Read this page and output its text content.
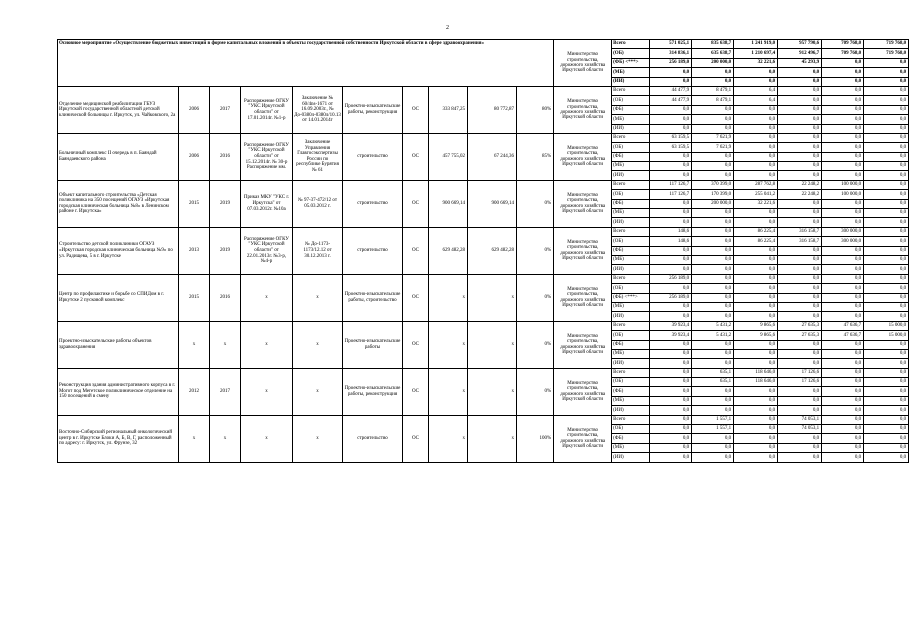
2
Основное мероприятие «Осуществление бюджетных инвестиций в форме капитальных вложений в объекты государственной собственности Иркутской области в сфере здравоохранения»										Министерство строительства, дорожного хозяйства Иркутской области	Всего	571 025,1	835 638,7	1 241 919,0	957 790,6	709 768,0	719 768,0
											(ОБ)	314 836,1	635 638,7	1 210 697,4	912 496,7	709 768,0	719 768,0
											(ФБ) <***>	256 189,0	200 000,0	32 221,6	45 293,9	0,0	0,0
											(МБ)	0,0	0,0	0,0	0,0	0,0	0,0
											(ИИ)	0,0	0,0	0,0	0,0	0,0	0,0
Отделение медицинской реабилитации ГБУЗ Иркутской государственной областной детской клинической больницы г. Иркутск, ул. Чайковского, 2а	2006	2017	Распоряжение ОГКУ "УКС Иркутской области" от 17.01.2014г. №1-р	Заключение № 60/4ns-1671 от 16.09.2003г., № До-0380л-0380л/10.13 от 14.01.2014г	Проектно-изыскательские работы, реконструкция	ОС	333 847,25	80 772,87	80%	Министерство строительства, дорожного хозяйства Иркутской области	Всего	44 477,9	8 479,1	6,4	0,0	0,0	0,0
											(ОБ)	44 477,9	8 479,1	6,4	0,0	0,0	0,0
											(ФБ)	0,0	0,0	0,0	0,0	0,0	0,0
											(МБ)	0,0	0,0	0,0	0,0	0,0	0,0
											(ИИ)	0,0	0,0	0,0	0,0	0,0	0,0
Больничный комплекс II очередь в п. Баяндай Баяндаевского района	2006	2016	Распоряжение ОГКУ "УКС Иркутской области" от 15.12.2014г. № 30-р Распоряжение мм.	Заключение Управления Главгосэкспертизы России по республике Бурятия № 61	строительство	ОС	457 755,02	67 244,36	85%	Министерство строительства, дорожного хозяйства Иркутской области	Всего	63 159,5	7 621,9	0,0	0,0	0,0	0,0
											(ОБ)	63 159,5	7 621,9	0,0	0,0	0,0	0,0
											(ФБ)	0,0	0,0	0,0	0,0	0,0	0,0
											(МБ)	0,0	0,0	0,0	0,0	0,0	0,0
											(ИИ)	0,0	0,0	0,0	0,0	0,0	0,0
Объект капитального строительства «Детская поликлиника на 350 посещений ОГАУЗ «Иркутская городская клиническая больница №8» в Ленинском районе г. Иркутска»	2015	2019	Приказ МКУ "УКС г. Иркутска" от 07.03.2012г. №10а	№ 97-37-472/12 от 05.03.2012 г.	строительство	ОС	900 669,14	900 669,14	0%	Министерство строительства, дорожного хозяйства Иркутской области	Всего	117 126,7	370 399,0	287 762,8	22 248,2	100 000,0	0,0
											(ОБ)	117 126,7	170 399,0	255 041,2	22 248,2	100 000,0	0,0
											(ФБ)	0,0	200 000,0	32 221,6	0,0	0,0	0,0
											(МБ)	0,0	0,0	0,0	0,0	0,0	0,0
											(ИИ)	0,0	0,0	0,0	0,0	0,0	0,0
Строительство детской поликлиники ОГАУЗ «Иркутская городская клиническая больница №9» по ул. Радищева, 5 в г. Иркутске	2013	2019	Распоряжение ОГКУ "УКС Иркутской области" от 22.01.2013г. №3-р, №4-р	№ До-1173-1173/12.12 от 30.12.2013 г.	строительство	ОС	629 482,28	629 482,28	0%	Министерство строительства, дорожного хозяйства Иркутской области	Всего	148,6	0,0	86 225,4	316 158,7	300 000,0	0,0
											(ОБ)	148,6	0,0	86 225,4	316 158,7	300 000,0	0,0
											(ФБ)	0,0	0,0	0,0	0,0	0,0	0,0
											(МБ)	0,0	0,0	0,0	0,0	0,0	0,0
											(ИИ)	0,0	0,0	0,0	0,0	0,0	0,0
Центр по профилактике и борьбе со СПИДом в г. Иркутске 2 пусковой комплекс	2015	2016	x	x	Проектно-изыскательские работы, строительство	ОС	x	x	0%	Министерство строительства, дорожного хозяйства Иркутской области	Всего	256 189,0	0,0	0,0	0,0	0,0	0,0
											(ОБ)	0,0	0,0	0,0	0,0	0,0	0,0
											(ФБ) <***>	256 189,0	0,0	0,0	0,0	0,0	0,0
											(МБ)	0,0	0,0	0,0	0,0	0,0	0,0
											(ИИ)	0,0	0,0	0,0	0,0	0,0	0,0
Проектно-изыскательские работы объектов здравоохранения	x	x	x	x	Проектно-изыскательские работы	ОС	x	x	0%	Министерство строительства, дорожного хозяйства Иркутской области	Всего	39 923,4	5 431,2	9 865,6	27 635,3	47 636,7	15 000,0
											(ОБ)	39 923,4	5 431,2	9 865,6	27 635,3	47 636,7	15 000,0
											(ФБ)	0,0	0,0	0,0	0,0	0,0	0,0
											(МБ)	0,0	0,0	0,0	0,0	0,0	0,0
											(ИИ)	0,0	0,0	0,0	0,0	0,0	0,0
Реконструкция здания административного корпуса в г. Могот под Мегетское поликлиническое отделение на 150 посещений в смену	2012	2017	x	x	Проектно-изыскательские работы, реконструкция	ОС	x	x	0%	Министерство строительства, дорожного хозяйства Иркутской области	Всего	0,0	635,1	118 646,0	17 126,6	0,0	0,0
											(ОБ)	0,0	635,1	118 646,0	17 126,6	0,0	0,0
											(ФБ)	0,0	0,0	0,0	0,0	0,0	0,0
											(МБ)	0,0	0,0	0,0	0,0	0,0	0,0
											(ИИ)	0,0	0,0	0,0	0,0	0,0	0,0
Восточно-Сибирский региональный онкологический центр в г. Иркутске Блоки А, Б, В, Г, расположенный по адресу: г. Иркутск, ул. Фрунзе, 32	x	x	x	x	строительство	ОС	x	x	100%	Министерство строительства, дорожного хозяйства Иркутской области	Всего	0,0	1 557,1	0,0	74 053,1	0,0	0,0
											(ОБ)	0,0	1 557,1	0,0	74 053,1	0,0	0,0
											(ФБ)	0,0	0,0	0,0	0,0	0,0	0,0
											(МБ)	0,0	0,0	0,0	0,0	0,0	0,0
											(ИИ)	0,0	0,0	0,0	0,0	0,0	0,0
